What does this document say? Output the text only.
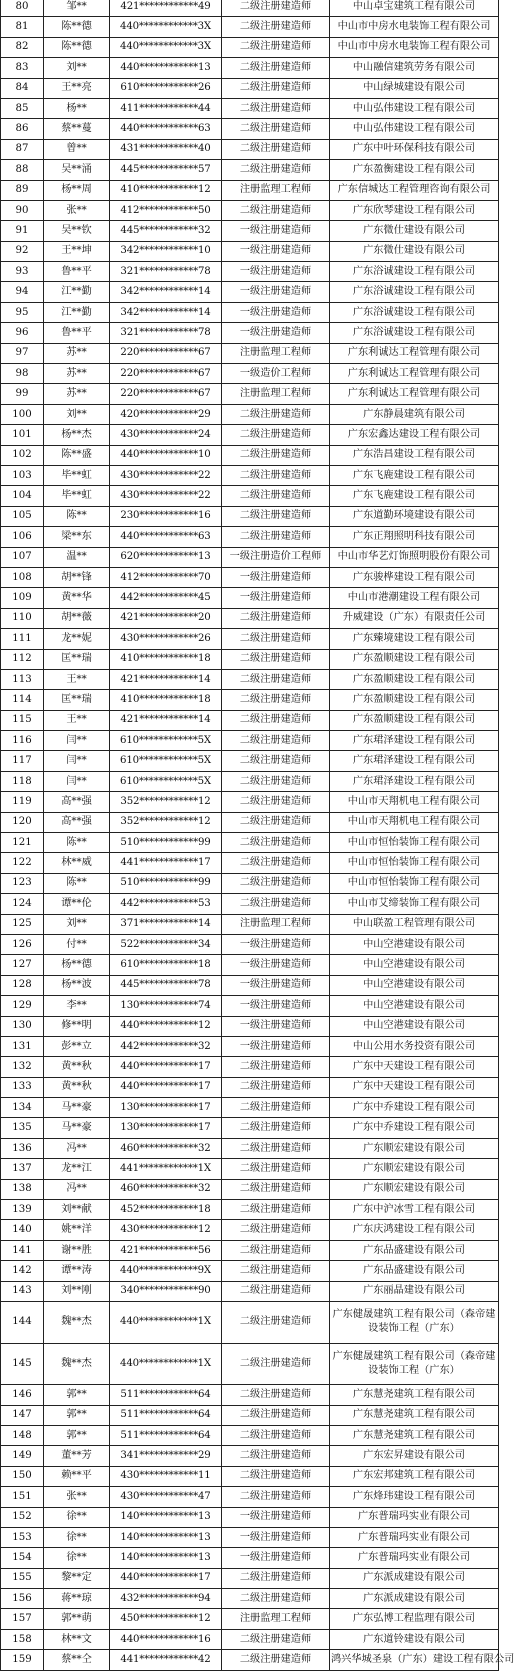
80	邹**	421************49	二级注册建造师	中山卓宝建筑工程有限公司
81	陈**德	440************3X	二级注册建造师	中山市中房水电装饰工程有限公司
82	陈**德	440************3X	二级注册建造师	中山市中房水电装饰工程有限公司
83	刘**	440************13	二级注册建造师	中山融信建筑劳务有限公司
84	王**亮	610************26	二级注册建造师	中山绿城建设有限公司
85	杨**	411************44	二级注册建造师	中山弘伟建设工程有限公司
86	蔡**蔓	440************63	二级注册建造师	中山弘伟建设工程有限公司
87	曾**	431************40	二级注册建造师	广东中叶环保科技有限公司
88	吴**涌	445************57	二级注册建造师	广东盈衡建设工程有限公司
89	杨**周	410************12	注册监理工程师	广东信城达工程管理咨询有限公司
90	张**	412************50	二级注册建造师	广东欣琴建设工程有限公司
91	吴**钦	445************32	一级注册建造师	广东微仕建设有限公司
92	王**坤	342************10	一级注册建造师	广东微仕建设有限公司
93	鲁**平	321************78	一级注册建造师	广东浴诚建设工程有限公司
94	江**勤	342************14	一级注册建造师	广东浴诚建设工程有限公司
95	江**勤	342************14	一级注册建造师	广东浴诚建设工程有限公司
96	鲁**平	321************78	一级注册建造师	广东浴诚建设工程有限公司
97	苏**	220************67	注册监理工程师	广东利诚达工程管理有限公司
98	苏**	220************67	一级造价工程师	广东利诚达工程管理有限公司
99	苏**	220************67	注册监理工程师	广东利诚达工程管理有限公司
100	刘**	420************29	二级注册建造师	广东静晨建筑有限公司
101	杨**杰	430************24	二级注册建造师	广东宏鑫达建设工程有限公司
102	陈**盛	440************10	二级注册建造师	广东浩昌建设工程有限公司
103	毕**虹	430************22	二级注册建造师	广东飞鹿建设工程有限公司
104	毕**虹	430************22	二级注册建造师	广东飞鹿建设工程有限公司
105	陈**	230************16	二级注册建造师	广东道勤环境建设有限公司
106	梁**东	440************63	二级注册建造师	广东正翔照明科技有限公司
107	温**	620************13	一级注册造价工程师	中山市华艺灯饰照明股份有限公司
108	胡**锋	412************70	一级注册建造师	广东骏桦建设工程有限公司
109	黄**华	442************45	一级注册建造师	中山市港潮建设工程有限公司
110	胡**薇	421************20	二级注册建造师	升威建设（广东）有限责任公司
111	龙**妮	430************26	二级注册建造师	广东臻境建设工程有限公司
112	匡**瑞	410************18	二级注册建造师	广东盈顺建设工程有限公司
113	王**	421************14	二级注册建造师	广东盈顺建设工程有限公司
114	匡**瑞	410************18	二级注册建造师	广东盈顺建设工程有限公司
115	王**	421************14	二级注册建造师	广东盈顺建设工程有限公司
116	闫**	610************5X	二级注册建造师	广东珺泽建设工程有限公司
117	闫**	610************5X	二级注册建造师	广东珺泽建设工程有限公司
118	闫**	610************5X	二级注册建造师	广东珺泽建设工程有限公司
119	高**强	352************12	二级注册建造师	中山市天翔机电工程有限公司
120	高**强	352************12	二级注册建造师	中山市天翔机电工程有限公司
121	陈**	510************99	二级注册建造师	中山市恒怡装饰工程有限公司
122	林**威	441************17	二级注册建造师	中山市恒怡装饰工程有限公司
123	陈**	510************99	二级注册建造师	中山市恒怡装饰工程有限公司
124	谭**伦	442************53	二级注册建造师	中山市艾缔装饰工程有限公司
125	刘**	371************14	注册监理工程师	中山联盈工程管理有限公司
126	付**	522************34	一级注册建造师	中山空港建设有限公司
127	杨**德	610************18	一级注册建造师	中山空港建设有限公司
128	杨**波	445************78	一级注册建造师	中山空港建设有限公司
129	李**	130************74	一级注册建造师	中山空港建设有限公司
130	修**明	440************12	一级注册建造师	中山空港建设有限公司
131	彭**立	442************32	一级注册建造师	中山公用水务投资有限公司
132	黄**秋	440************17	二级注册建造师	广东中天建设工程有限公司
133	黄**秋	440************17	二级注册建造师	广东中天建设工程有限公司
134	马**豪	130************17	二级注册建造师	广东中乔建设工程有限公司
135	马**豪	130************17	二级注册建造师	广东中乔建设工程有限公司
136	冯**	460************32	二级注册建造师	广东顺宏建设有限公司
137	龙**江	441************1X	二级注册建造师	广东顺宏建设有限公司
138	冯**	460************32	二级注册建造师	广东顺宏建设有限公司
139	刘**献	452************18	二级注册建造师	广东中沪冰雪工程有限公司
140	姚**洋	430************12	二级注册建造师	广东庆鸿建设工程有限公司
141	谢**胜	421************56	二级注册建造师	广东品盛建设有限公司
142	谭**涛	440************9X	二级注册建造师	广东品盛建设有限公司
143	刘**刚	340************90	二级注册建造师	广东丽晶建设有限公司
144	魏**杰	440************1X	二级注册建造师	广东健晟建筑工程有限公司（森帝建设装饰工程（广东）
145	魏**杰	440************1X	二级注册建造师	广东健晟建筑工程有限公司（森帝建设装饰工程（广东）
146	郭**	511************64	二级注册建造师	广东慧尧建筑工程有限公司
147	郭**	511************64	二级注册建造师	广东慧尧建筑工程有限公司
148	郭**	511************64	二级注册建造师	广东慧尧建筑工程有限公司
149	董**芳	341************29	二级注册建造师	广东宏昇建设有限公司
150	赖**平	430************11	二级注册建造师	广东宏邦建筑工程有限公司
151	张**	430************47	二级注册建造师	广东烽玮建设工程有限公司
152	徐**	140************13	一级注册建造师	广东普瑞玛实业有限公司
153	徐**	140************13	一级注册建造师	广东普瑞玛实业有限公司
154	徐**	140************13	一级注册建造师	广东普瑞玛实业有限公司
155	黎**定	440************17	二级注册建造师	广东派成建设有限公司
156	蒋**琼	432************94	二级注册建造师	广东派成建设有限公司
157	郭**萌	450************12	注册监理工程师	广东弘博工程监理有限公司
158	林**文	440************16	二级注册建造师	广东道铃建设有限公司
159	蔡**仝	441************42	二级注册建造师	鸿兴华城圣泉（广东）建设工程有限公司
